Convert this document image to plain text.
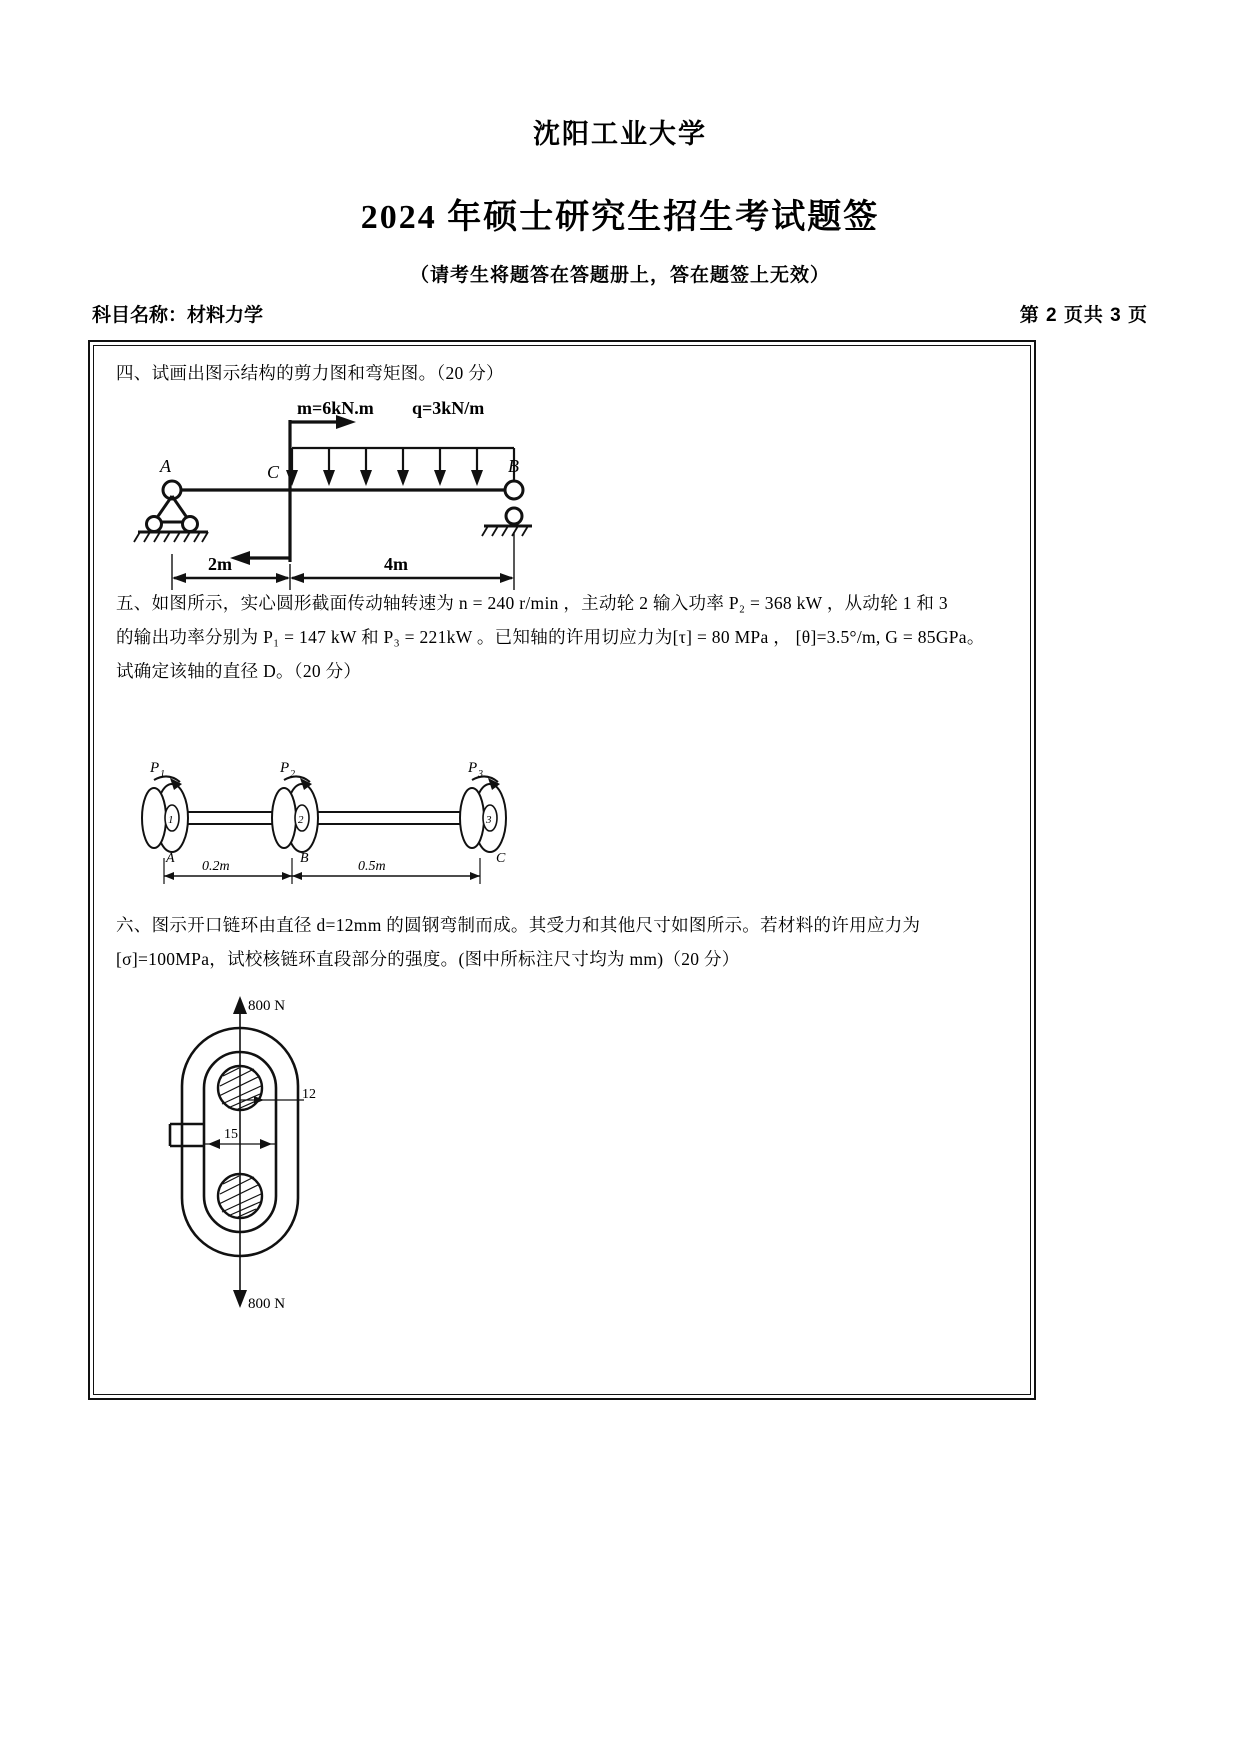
沈阳工业大学
2024 年硕士研究生招生考试题签
（请考生将题答在答题册上，答在题签上无效）
科目名称：材料力学	第 2 页共 3 页
四、试画出图示结构的剪力图和弯矩图。（20 分）
m=6kN.m q=3kN/m
A	C	B
2m	4m
五、如图所示，实心圆形截面传动轴转速为 n = 240 r/min ，主动轮 2 输入功率 P₂ = 368 kW ，从动轮 1 和 3
的输出功率分别为 P₁ = 147 kW 和 P₃ = 221kW 。已知轴的许用切应力为[τ] = 80 MPa ， [θ]=3.5°/m, G = 85GPa。
试确定该轴的直径 D。（20 分）
1	2	3
P 1	P 2	P 3
A	B	C
0.2m	0.5m
六、图示开口链环由直径 d=12mm 的圆钢弯制而成。其受力和其他尺寸如图所示。若材料的许用应力为
[σ]=100MPa，试校核链环直段部分的强度。(图中所标注尺寸均为 mm)（20 分）
800 N
800 N
12
15
